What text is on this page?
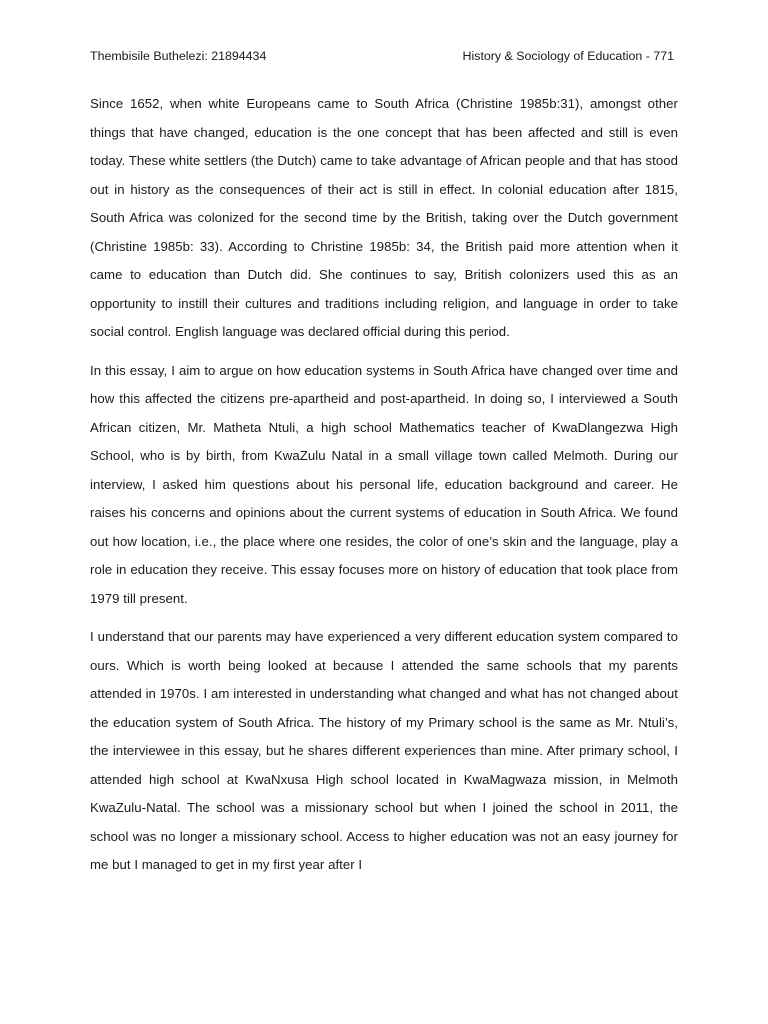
Thembisile Buthelezi: 21894434	History & Sociology of Education - 771

Since 1652, when white Europeans came to South Africa (Christine 1985b:31), amongst other things that have changed, education is the one concept that has been affected and still is even today. These white settlers (the Dutch) came to take advantage of African people and that has stood out in history as the consequences of their act is still in effect. In colonial education after 1815, South Africa was colonized for the second time by the British, taking over the Dutch government (Christine 1985b: 33). According to Christine 1985b: 34, the British paid more attention when it came to education than Dutch did. She continues to say, British colonizers used this as an opportunity to instill their cultures and traditions including religion, and language in order to take social control. English language was declared official during this period.

In this essay, I aim to argue on how education systems in South Africa have changed over time and how this affected the citizens pre-apartheid and post-apartheid. In doing so, I interviewed a South African citizen, Mr. Matheta Ntuli, a high school Mathematics teacher of KwaDlangezwa High School, who is by birth, from KwaZulu Natal in a small village town called Melmoth. During our interview, I asked him questions about his personal life, education background and career. He raises his concerns and opinions about the current systems of education in South Africa. We found out how location, i.e., the place where one resides, the color of one’s skin and the language, play a role in education they receive. This essay focuses more on history of education that took place from 1979 till present.

I understand that our parents may have experienced a very different education system compared to ours. Which is worth being looked at because I attended the same schools that my parents attended in 1970s. I am interested in understanding what changed and what has not changed about the education system of South Africa. The history of my Primary school is the same as Mr. Ntuli’s, the interviewee in this essay, but he shares different experiences than mine. After primary school, I attended high school at KwaNxusa High school located in KwaMagwaza mission, in Melmoth KwaZulu-Natal. The school was a missionary school but when I joined the school in 2011, the school was no longer a missionary school. Access to higher education was not an easy journey for me but I managed to get in my first year after I
